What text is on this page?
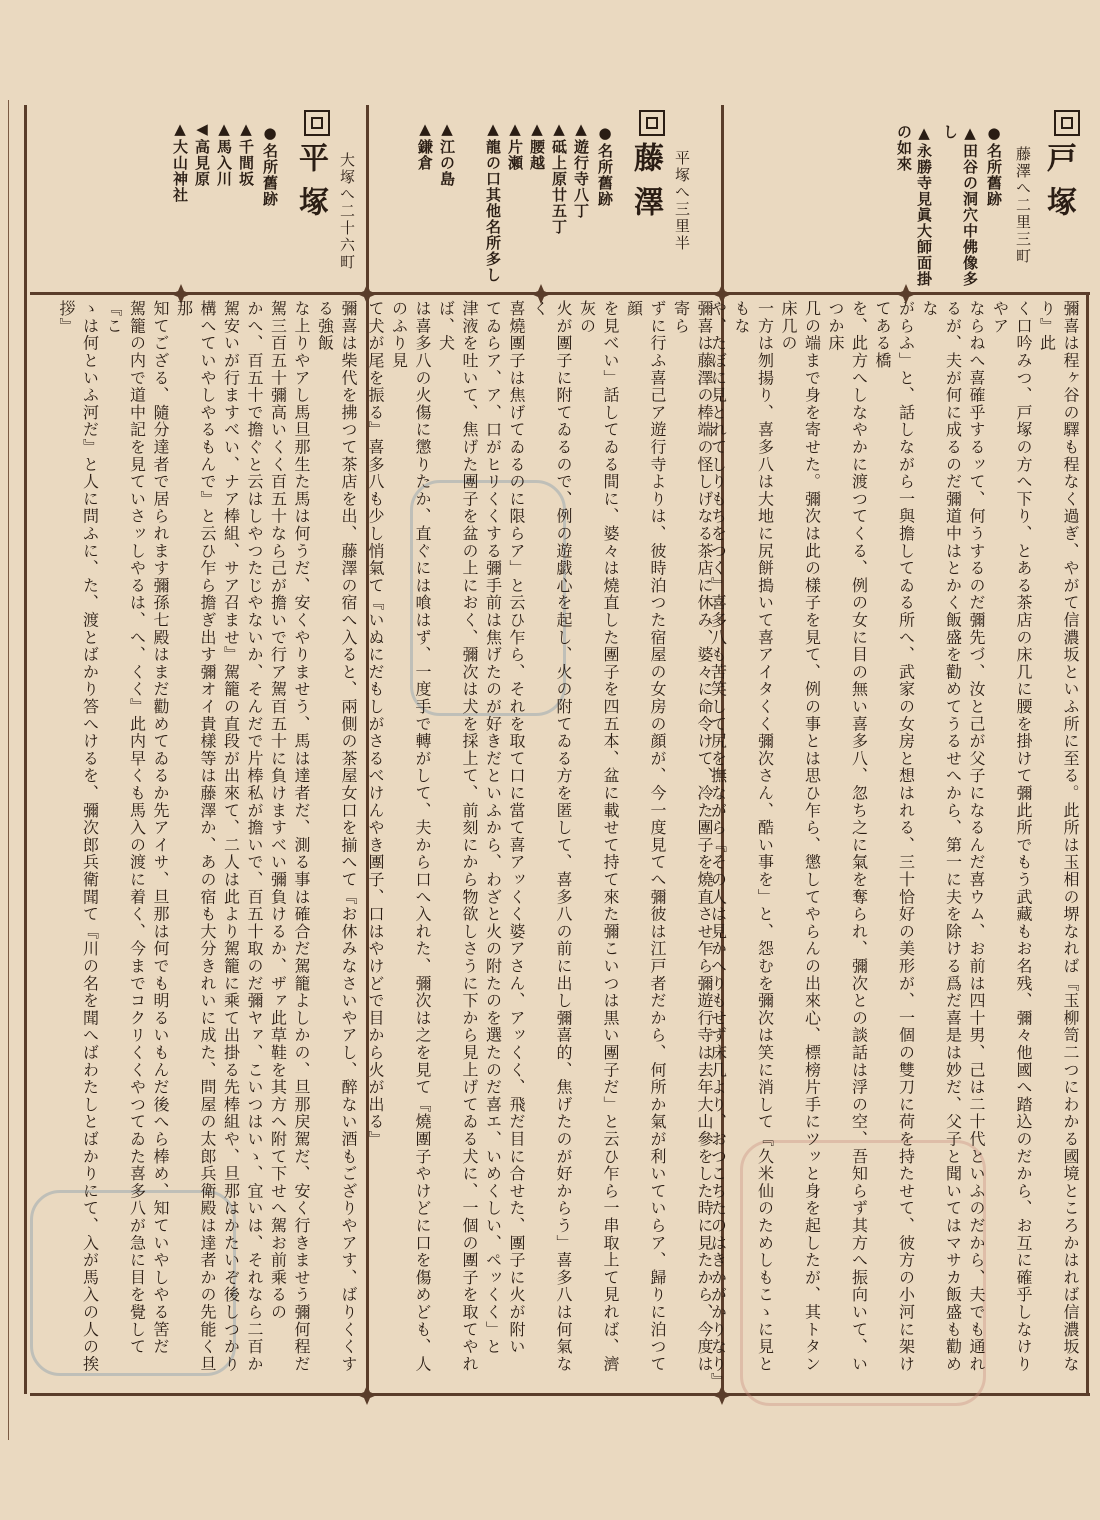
戸塚
藤澤へ二里三町
●名所舊跡
▲田谷の洞穴中佛像多し
▲永勝寺見眞大師面掛の如來
藤澤 平塚へ三里半
●名所舊跡
▲遊行寺八丁
▲砥上原廿五丁
▲腰越
▲片瀬
▲龍の口其他名所多し
▲江の島
▲鎌倉
平塚 大塚へ二十六町
●名所舊跡
▲千間坂
▲馬入川
◀高見原
▲大山神社

彌喜は程ヶ谷の驛も程なく過ぎ、やがて信濃坂といふ所に至る。此所は玉相の堺なれば『玉柳笥二つにわかる國境ところかはれば信濃坂なり』此

く口吟みつ、戸塚の方へ下り、とある茶店の床几に腰を掛けて彌此所でもう武藏もお名残、彌々他國へ踏込のだから、お互に確乎しなけりやア

ならねへ喜確乎するッて、何うするのだ彌先づ、汝と己が父子になるんだ喜ウム、お前は四十男、己は二十代といふのだから、夫でも通れ

るが、夫が何に成るのだ彌道中はとかく飯盛を勸めてうるせへから、第一に夫を除ける爲だ喜是は妙だ、父子と聞いてはマサカ飯盛も勸めな

がらふ」と、話しながら一與擔してゐる所へ、武家の女房と想はれる、三十恰好の美形が、一個の雙刀に荷を持たせて、彼方の小河に架けてある橋

を、此方へしなやかに渡つてくる、例の女に目の無い喜多八、忽ち之に氣を奪られ、彌次との談話は浮の空、吾知らず其方へ振向いて、いつか床

几の端まで身を寄せた。彌次は此の樣子を見て、例の事とは思ひ乍ら、懲してやらんの出來心、標榜片手にツッと身を起したが、其トタン床几の

一方は刎揚り、喜多八は大地に尻餅搗いて喜アイタくく彌次さん、酷い事を」と、怨むを彌次は笑に消して『久米仙のためしもこゝに見ともな

や、たぼに見とれてしりもちをつく』喜多八も苦笑して尻を撫ながら『その人は見かへりもせず床几より、おつこちたのはきかがかりなり』

彌喜は藤澤の棒端の怪しげなる茶店に休み、婆々に命令けて、冷た團子を燒直させ乍ら彌遊行寺は去年大山參をした時に見たから、今度は寄ら

ずに行ふ喜己ア遊行寺よりは、彼時泊つた宿屋の女房の顔が、今一度見てへ彌彼は江戸者だから、何所か氣が利いていらア、歸りに泊つて顔

を見べい」話してゐる間に、婆々は燒直した團子を四五本、盆に載せて持て來た彌こいつは黒い團子だ」と云ひ乍ら一串取上て見れば、濟灰の

火が團子に附てゐるので、例の遊戯心を起し、火の附てゐる方を匿して、喜多八の前に出し彌喜的、焦げたのが好からう」喜多八は何氣なく

喜燒團子は焦げてゐるのに限らア」と云ひ乍ら、それを取て口に當て喜アッくく婆アさん、アッくく、飛だ目に合せた、團子に火が附い

てゐらア、ア、口がヒリくくする彌手前は焦げたのが好きだといふから、わざと火の附たのを選たのだ喜エ、いめくしい、ペッくく」と

津液を吐いて、焦げた團子を盆の上におく、彌次は犬を採上て、前刻にから物欲しさうに下から見上げてゐる犬に、一個の團子を取てやれば、犬

は喜多八の火傷に懲りたか、直ぐには喰はず、一度手で轉がして、夫から口へ入れた、彌次は之を見て『燒團子やけどに口を傷めども、人のふり見

て犬が尾を振る』喜多八も少し悄氣て『いぬにだもしがさるべけんやき團子、口はやけどで目から火が出る』

彌喜は柴代を拂つて茶店を出、藤澤の宿へ入ると、兩側の茶屋女口を揃へて『お休みなさいやアし、醉ない酒もござりやアす、ばりくくする強飯

な上りやアし馬旦那生た馬は何うだ、安くやりませう、馬は達者だ、測る事は確合だ駕籠よしかの、旦那戻駕だ、安く行きませう彌何程だ

駕三百五十彌高いくく百五十なら己が擔いで行ア駕百五十に負けますべい彌負けるか、ザァ此草鞋を其方へ附て下せへ駕お前乘るの

かへ、百五十で擔ぐと云はしやつたじやないか、そんだで片棒私が擔いで、百五十取のだ彌ヤァ、こいつはいゝ、宜いは、それなら二百か

駕安いが行ますべい、ナア棒組、サア召ませ』駕籠の直段が出來て、二人は此より駕籠に乘て出掛る先棒組や、旦那はかたいぞ後しつかり

構へていやしやるもんで』と云ひ乍ら擔ぎ出す彌オイ貴樣等は藤澤か、あの宿も大分きれいに成た、問屋の太郎兵衛殿は達者かの先能く旦那

知てござる、隨分達者で居られます彌孫七殿はまだ勸めてゐるか先アイサ、旦那は何でも明るいもんだ後へら棒め、知ていやしやる筈だ

駕籠の内で道中記を見ていさッしやるは、へ、くく』此内早くも馬入の渡に着く、今までコクリくくやつてゐた喜多八が急に目を覺して『こ

ゝは何といふ河だ』と人に問ふに、た、渡とばかり答へけるを、彌次郎兵衛聞て『川の名を聞へばわたしとばかりにて、入が馬入の人の挨拶』
